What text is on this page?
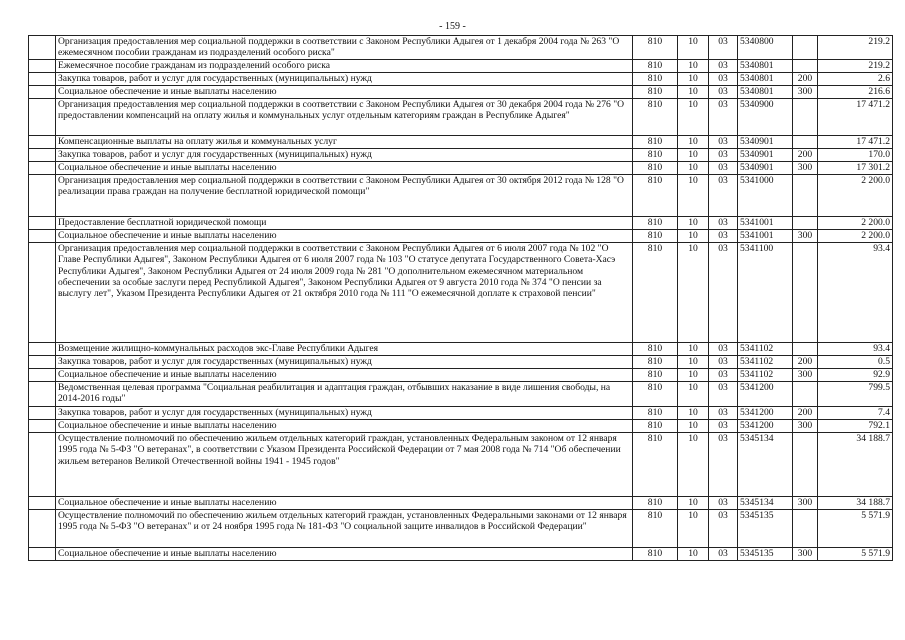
- 159 -
	Организация предоставления мер социальной поддержки в соответствии с Законом Республики Адыгея от 1 декабря 2004 года № 263 "О ежемесячном пособии гражданам из подразделений особого риска"	810	10	03	5340800		219.2
	Ежемесячное пособие гражданам из подразделений особого риска	810	10	03	5340801		219.2
	Закупка товаров, работ и услуг для государственных (муниципальных) нужд	810	10	03	5340801	200	2.6
	Социальное обеспечение и иные выплаты населению	810	10	03	5340801	300	216.6
	Организация предоставления мер социальной поддержки в соответствии с Законом Республики Адыгея от 30 декабря 2004 года № 276 "О предоставлении компенсаций на оплату жилья и коммунальных услуг отдельным категориям граждан в Республике Адыгея"	810	10	03	5340900		17 471.2
	Компенсационные выплаты на оплату жилья и коммунальных услуг	810	10	03	5340901		17 471.2
	Закупка товаров, работ и услуг для государственных (муниципальных) нужд	810	10	03	5340901	200	170.0
	Социальное обеспечение и иные выплаты населению	810	10	03	5340901	300	17 301.2
	Организация предоставления мер социальной поддержки в соответствии с Законом Республики Адыгея от 30 октября 2012 года № 128 "О реализации права граждан на получение бесплатной юридической помощи"	810	10	03	5341000		2 200.0
	Предоставление бесплатной юридической помощи	810	10	03	5341001		2 200.0
	Социальное обеспечение и иные выплаты населению	810	10	03	5341001	300	2 200.0
	Организация предоставления мер социальной поддержки в соответствии с Законом Республики Адыгея от 6 июля 2007 года № 102 "О Главе Республики Адыгея", Законом Республики Адыгея от 6 июля 2007 года № 103 "О статусе депутата Государственного Совета-Хасэ Республики Адыгея", Законом Республики Адыгея от 24 июля 2009 года № 281 "О дополнительном ежемесячном материальном обеспечении за особые заслуги перед Республикой Адыгея", Законом Республики Адыгея от 9 августа 2010 года № 374 "О пенсии за выслугу лет", Указом Президента Республики Адыгея от 21 октября 2010 года № 111 "О ежемесячной доплате к страховой пенсии"	810	10	03	5341100		93.4
	Возмещение жилищно-коммунальных расходов экс-Главе Республики Адыгея	810	10	03	5341102		93.4
	Закупка товаров, работ и услуг для государственных (муниципальных) нужд	810	10	03	5341102	200	0.5
	Социальное обеспечение и иные выплаты населению	810	10	03	5341102	300	92.9
	Ведомственная целевая программа "Социальная реабилитация и адаптация граждан, отбывших наказание в виде лишения свободы, на 2014-2016 годы"	810	10	03	5341200		799.5
	Закупка товаров, работ и услуг для государственных (муниципальных) нужд	810	10	03	5341200	200	7.4
	Социальное обеспечение и иные выплаты населению	810	10	03	5341200	300	792.1
	Осуществление полномочий по обеспечению жильем отдельных категорий граждан, установленных Федеральным законом от 12 января 1995 года № 5-ФЗ "О ветеранах", в соответствии с Указом Президента Российской Федерации от 7 мая 2008 года № 714 "Об обеспечении жильем ветеранов Великой Отечественной войны 1941 - 1945 годов"	810	10	03	5345134		34 188.7
	Социальное обеспечение и иные выплаты населению	810	10	03	5345134	300	34 188.7
	Осуществление полномочий по обеспечению жильем отдельных категорий граждан, установленных Федеральными законами от 12 января 1995 года № 5-ФЗ "О ветеранах" и от 24 ноября 1995 года № 181-ФЗ "О социальной защите инвалидов в Российской Федерации"	810	10	03	5345135		5 571.9
	Социальное обеспечение и иные выплаты населению	810	10	03	5345135	300	5 571.9
